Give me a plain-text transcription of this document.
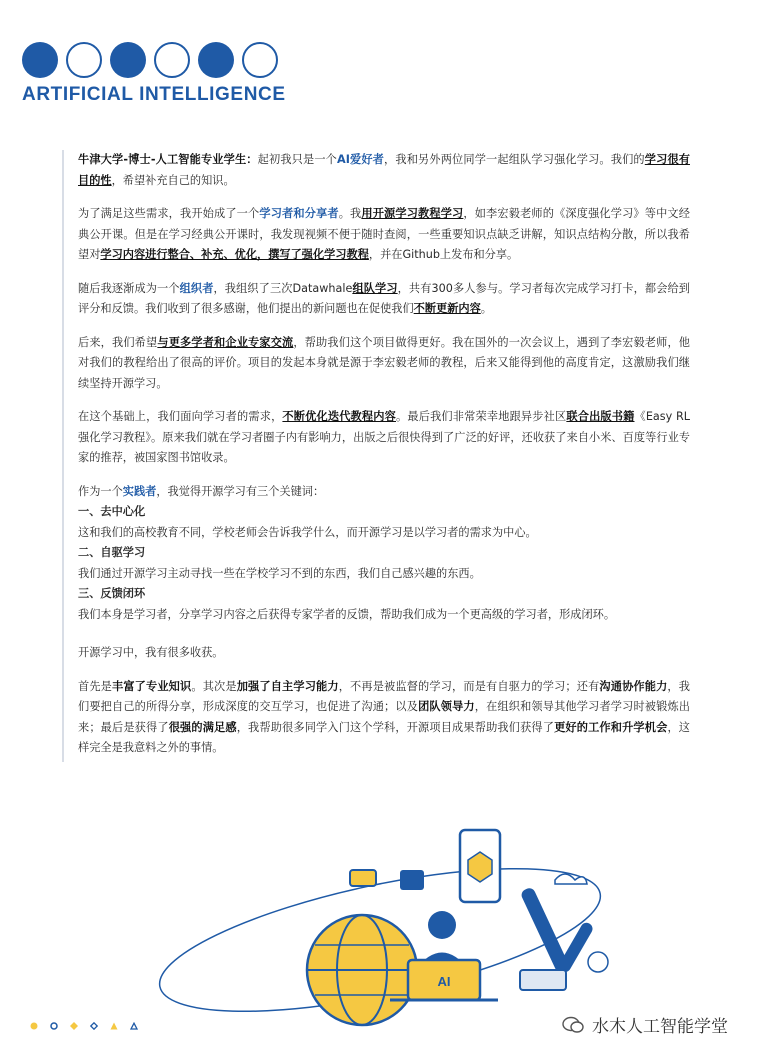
ARTIFICIAL INTELLIGENCE

牛津大学-博士-人工智能专业学生：起初我只是一个AI爱好者，我和另外两位同学一起组队学习强化学习。我们的学习很有目的性，希望补充自己的知识。

为了满足这些需求，我开始成了一个学习者和分享者。我用开源学习教程学习，如李宏毅老师的《深度强化学习》等中文经典公开课。但是在学习经典公开课时，我发现视频不便于随时查阅，一些重要知识点缺乏讲解，知识点结构分散，所以我希望对学习内容进行整合、补充、优化，撰写了强化学习教程，并在Github上发布和分享。

随后我逐渐成为一个组织者，我组织了三次Datawhale组队学习，共有300多人参与。学习者每次完成学习打卡，都会给到评分和反馈。我们收到了很多感谢，他们提出的新问题也在促使我们不断更新内容。

后来，我们希望与更多学者和企业专家交流，帮助我们这个项目做得更好。我在国外的一次会议上，遇到了李宏毅老师，他对我们的教程给出了很高的评价。项目的发起本身就是源于李宏毅老师的教程，后来又能得到他的高度肯定，这激励我们继续坚持开源学习。

在这个基础上，我们面向学习者的需求，不断优化迭代教程内容。最后我们非常荣幸地跟异步社区联合出版书籍《Easy RL强化学习教程》。原来我们就在学习者圈子内有影响力，出版之后很快得到了广泛的好评，还收获了来自小米、百度等行业专家的推荐，被国家图书馆收录。

作为一个实践者，我觉得开源学习有三个关键词：

一、去中心化

这和我们的高校教育不同，学校老师会告诉我学什么，而开源学习是以学习者的需求为中心。

二、自驱学习

我们通过开源学习主动寻找一些在学校学习不到的东西，我们自己感兴趣的东西。

三、反馈闭环

我们本身是学习者，分享学习内容之后获得专家学者的反馈，帮助我们成为一个更高级的学习者，形成闭环。

开源学习中，我有很多收获。

首先是丰富了专业知识。其次是加强了自主学习能力，不再是被监督的学习，而是有自驱力的学习；还有沟通协作能力，我们要把自己的所得分享，形成深度的交互学习，也促进了沟通；以及团队领导力，在组织和领导其他学习者学习时被锻炼出来；最后是获得了很强的满足感，我帮助很多同学入门这个学科，开源项目成果帮助我们获得了更好的工作和升学机会，这样完全是我意料之外的事情。

AI
水木人工智能学堂
